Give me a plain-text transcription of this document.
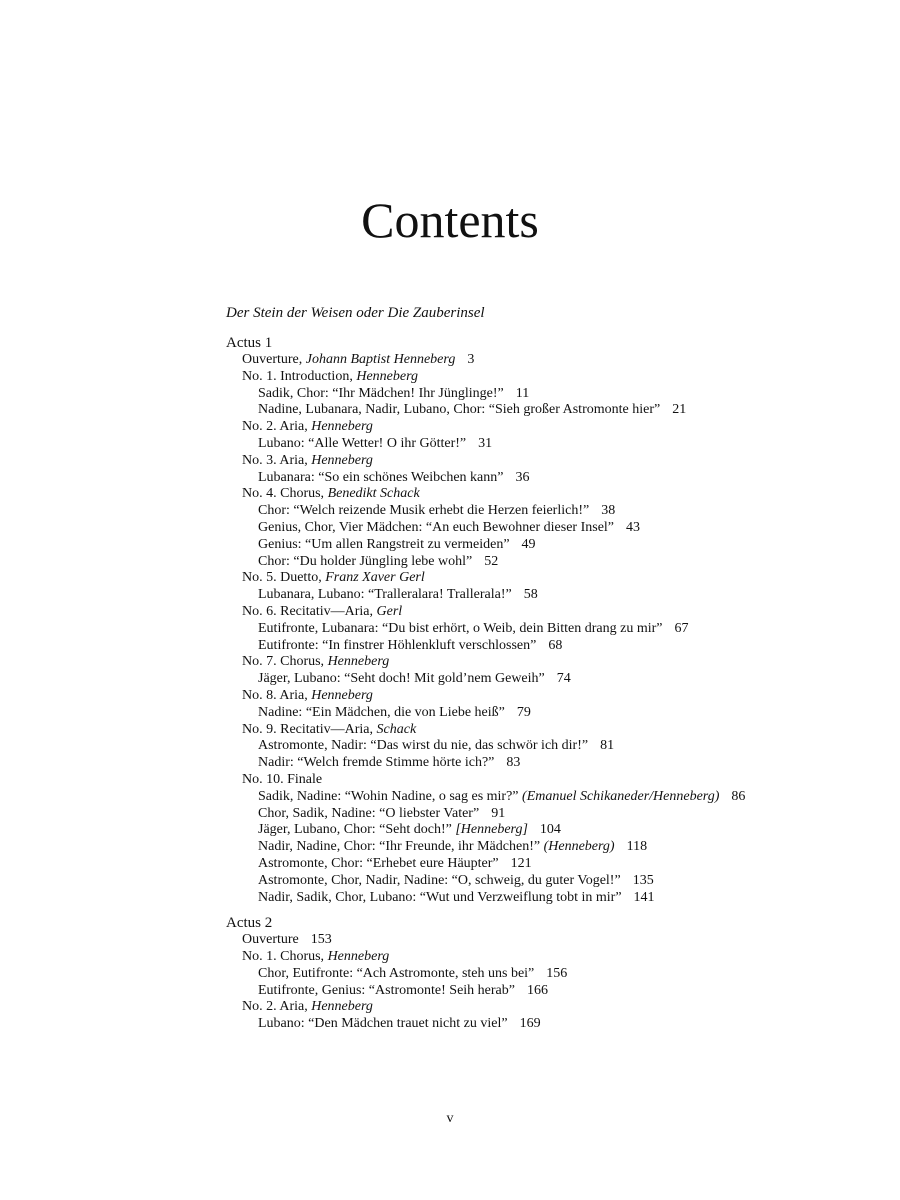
Contents
Der Stein der Weisen oder Die Zauberinsel
Actus 1
Ouverture, Johann Baptist Henneberg 3
No. 1. Introduction, Henneberg
Sadik, Chor: “Ihr Mädchen! Ihr Jünglinge!” 11
Nadine, Lubanara, Nadir, Lubano, Chor: “Sieh großer Astromonte hier” 21
No. 2. Aria, Henneberg
Lubano: “Alle Wetter! O ihr Götter!” 31
No. 3. Aria, Henneberg
Lubanara: “So ein schönes Weibchen kann” 36
No. 4. Chorus, Benedikt Schack
Chor: “Welch reizende Musik erhebt die Herzen feierlich!” 38
Genius, Chor, Vier Mädchen: “An euch Bewohner dieser Insel” 43
Genius: “Um allen Rangstreit zu vermeiden” 49
Chor: “Du holder Jüngling lebe wohl” 52
No. 5. Duetto, Franz Xaver Gerl
Lubanara, Lubano: “Tralleralara! Trallerala!” 58
No. 6. Recitativ—Aria, Gerl
Eutifronte, Lubanara: “Du bist erhört, o Weib, dein Bitten drang zu mir” 67
Eutifronte: “In finstrer Höhlenkluft verschlossen” 68
No. 7. Chorus, Henneberg
Jäger, Lubano: “Seht doch! Mit gold’nem Geweih” 74
No. 8. Aria, Henneberg
Nadine: “Ein Mädchen, die von Liebe heiß” 79
No. 9. Recitativ—Aria, Schack
Astromonte, Nadir: “Das wirst du nie, das schwör ich dir!” 81
Nadir: “Welch fremde Stimme hörte ich?” 83
No. 10. Finale
Sadik, Nadine: “Wohin Nadine, o sag es mir?” (Emanuel Schikaneder/Henneberg) 86
Chor, Sadik, Nadine: “O liebster Vater” 91
Jäger, Lubano, Chor: “Seht doch!” [Henneberg] 104
Nadir, Nadine, Chor: “Ihr Freunde, ihr Mädchen!” (Henneberg) 118
Astromonte, Chor: “Erhebet eure Häupter” 121
Astromonte, Chor, Nadir, Nadine: “O, schweig, du guter Vogel!” 135
Nadir, Sadik, Chor, Lubano: “Wut und Verzweiflung tobt in mir” 141
Actus 2
Ouverture 153
No. 1. Chorus, Henneberg
Chor, Eutifronte: “Ach Astromonte, steh uns bei” 156
Eutifronte, Genius: “Astromonte! Seih herab” 166
No. 2. Aria, Henneberg
Lubano: “Den Mädchen trauet nicht zu viel” 169
v
